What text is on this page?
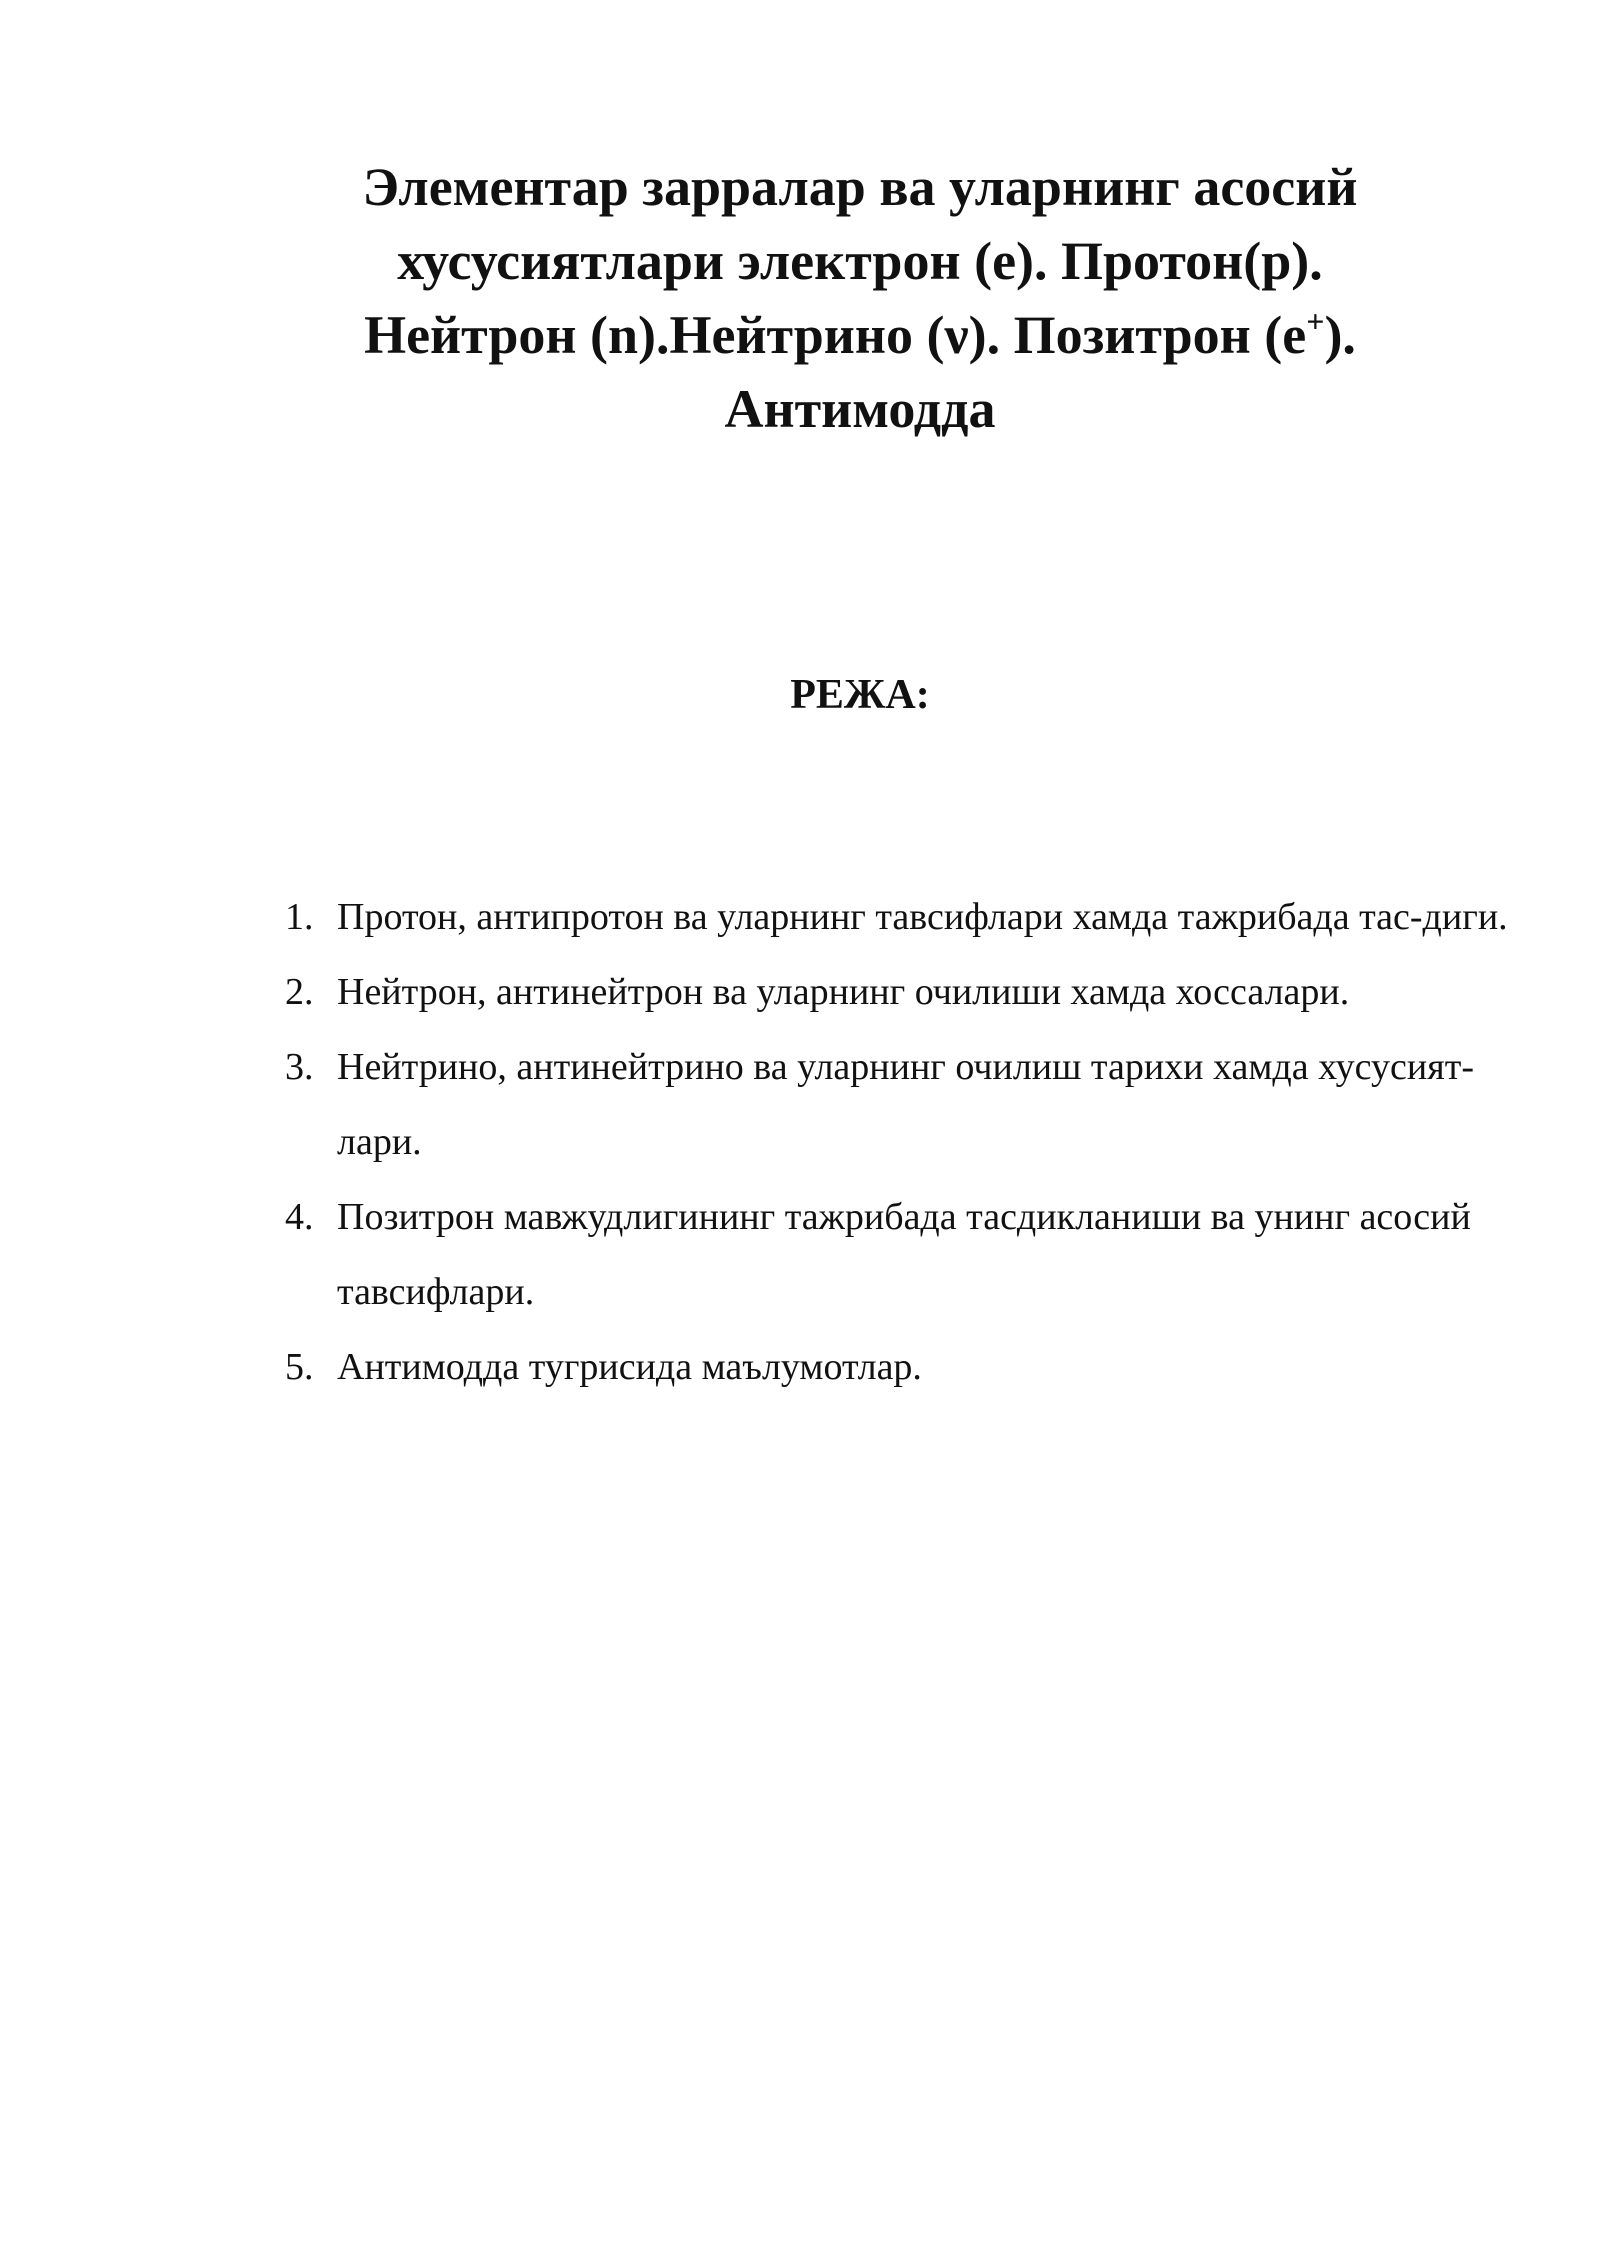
Элементар зарралар ва уларнинг асосий
хусусиятлари электрон (e). Протон(p).
Нейтрон (n).Нейтрино (ν). Позитрон (e+).
Антимодда
РЕЖА:
1. Протон, антипротон ва уларнинг тавсифлари хамда тажрибада тас-диги.
2. Нейтрон, антинейтрон ва уларнинг очилиши хамда хоссалари.
3. Нейтрино, антинейтрино ва уларнинг очилиш тарихи хамда хусусият-лари.
4. Позитрон мавжудлигининг тажрибада тасдикланиши ва унинг асосий тавсифлари.
5. Антимодда тугрисида маълумотлар.
